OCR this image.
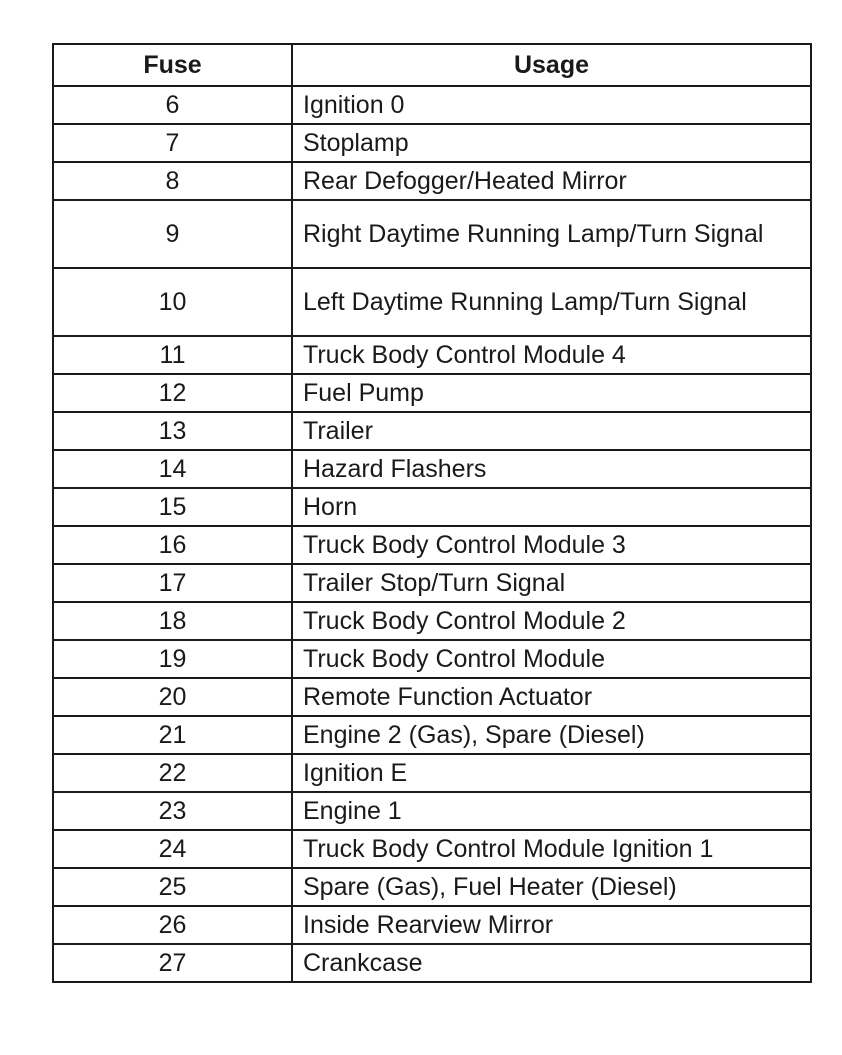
Fuse	Usage
6	Ignition 0

7	Stoplamp

8	Rear Defogger/Heated Mirror

9	Right Daytime Running Lamp/Turn Signal

10	Left Daytime Running Lamp/Turn Signal

11	Truck Body Control Module 4

12	Fuel Pump

13	Trailer

14	Hazard Flashers

15	Horn

16	Truck Body Control Module 3

17	Trailer Stop/Turn Signal

18	Truck Body Control Module 2

19	Truck Body Control Module

20	Remote Function Actuator

21	Engine 2 (Gas), Spare (Diesel)

22	Ignition E

23	Engine 1

24	Truck Body Control Module Ignition 1

25	Spare (Gas), Fuel Heater (Diesel)

26	Inside Rearview Mirror

27	Crankcase
